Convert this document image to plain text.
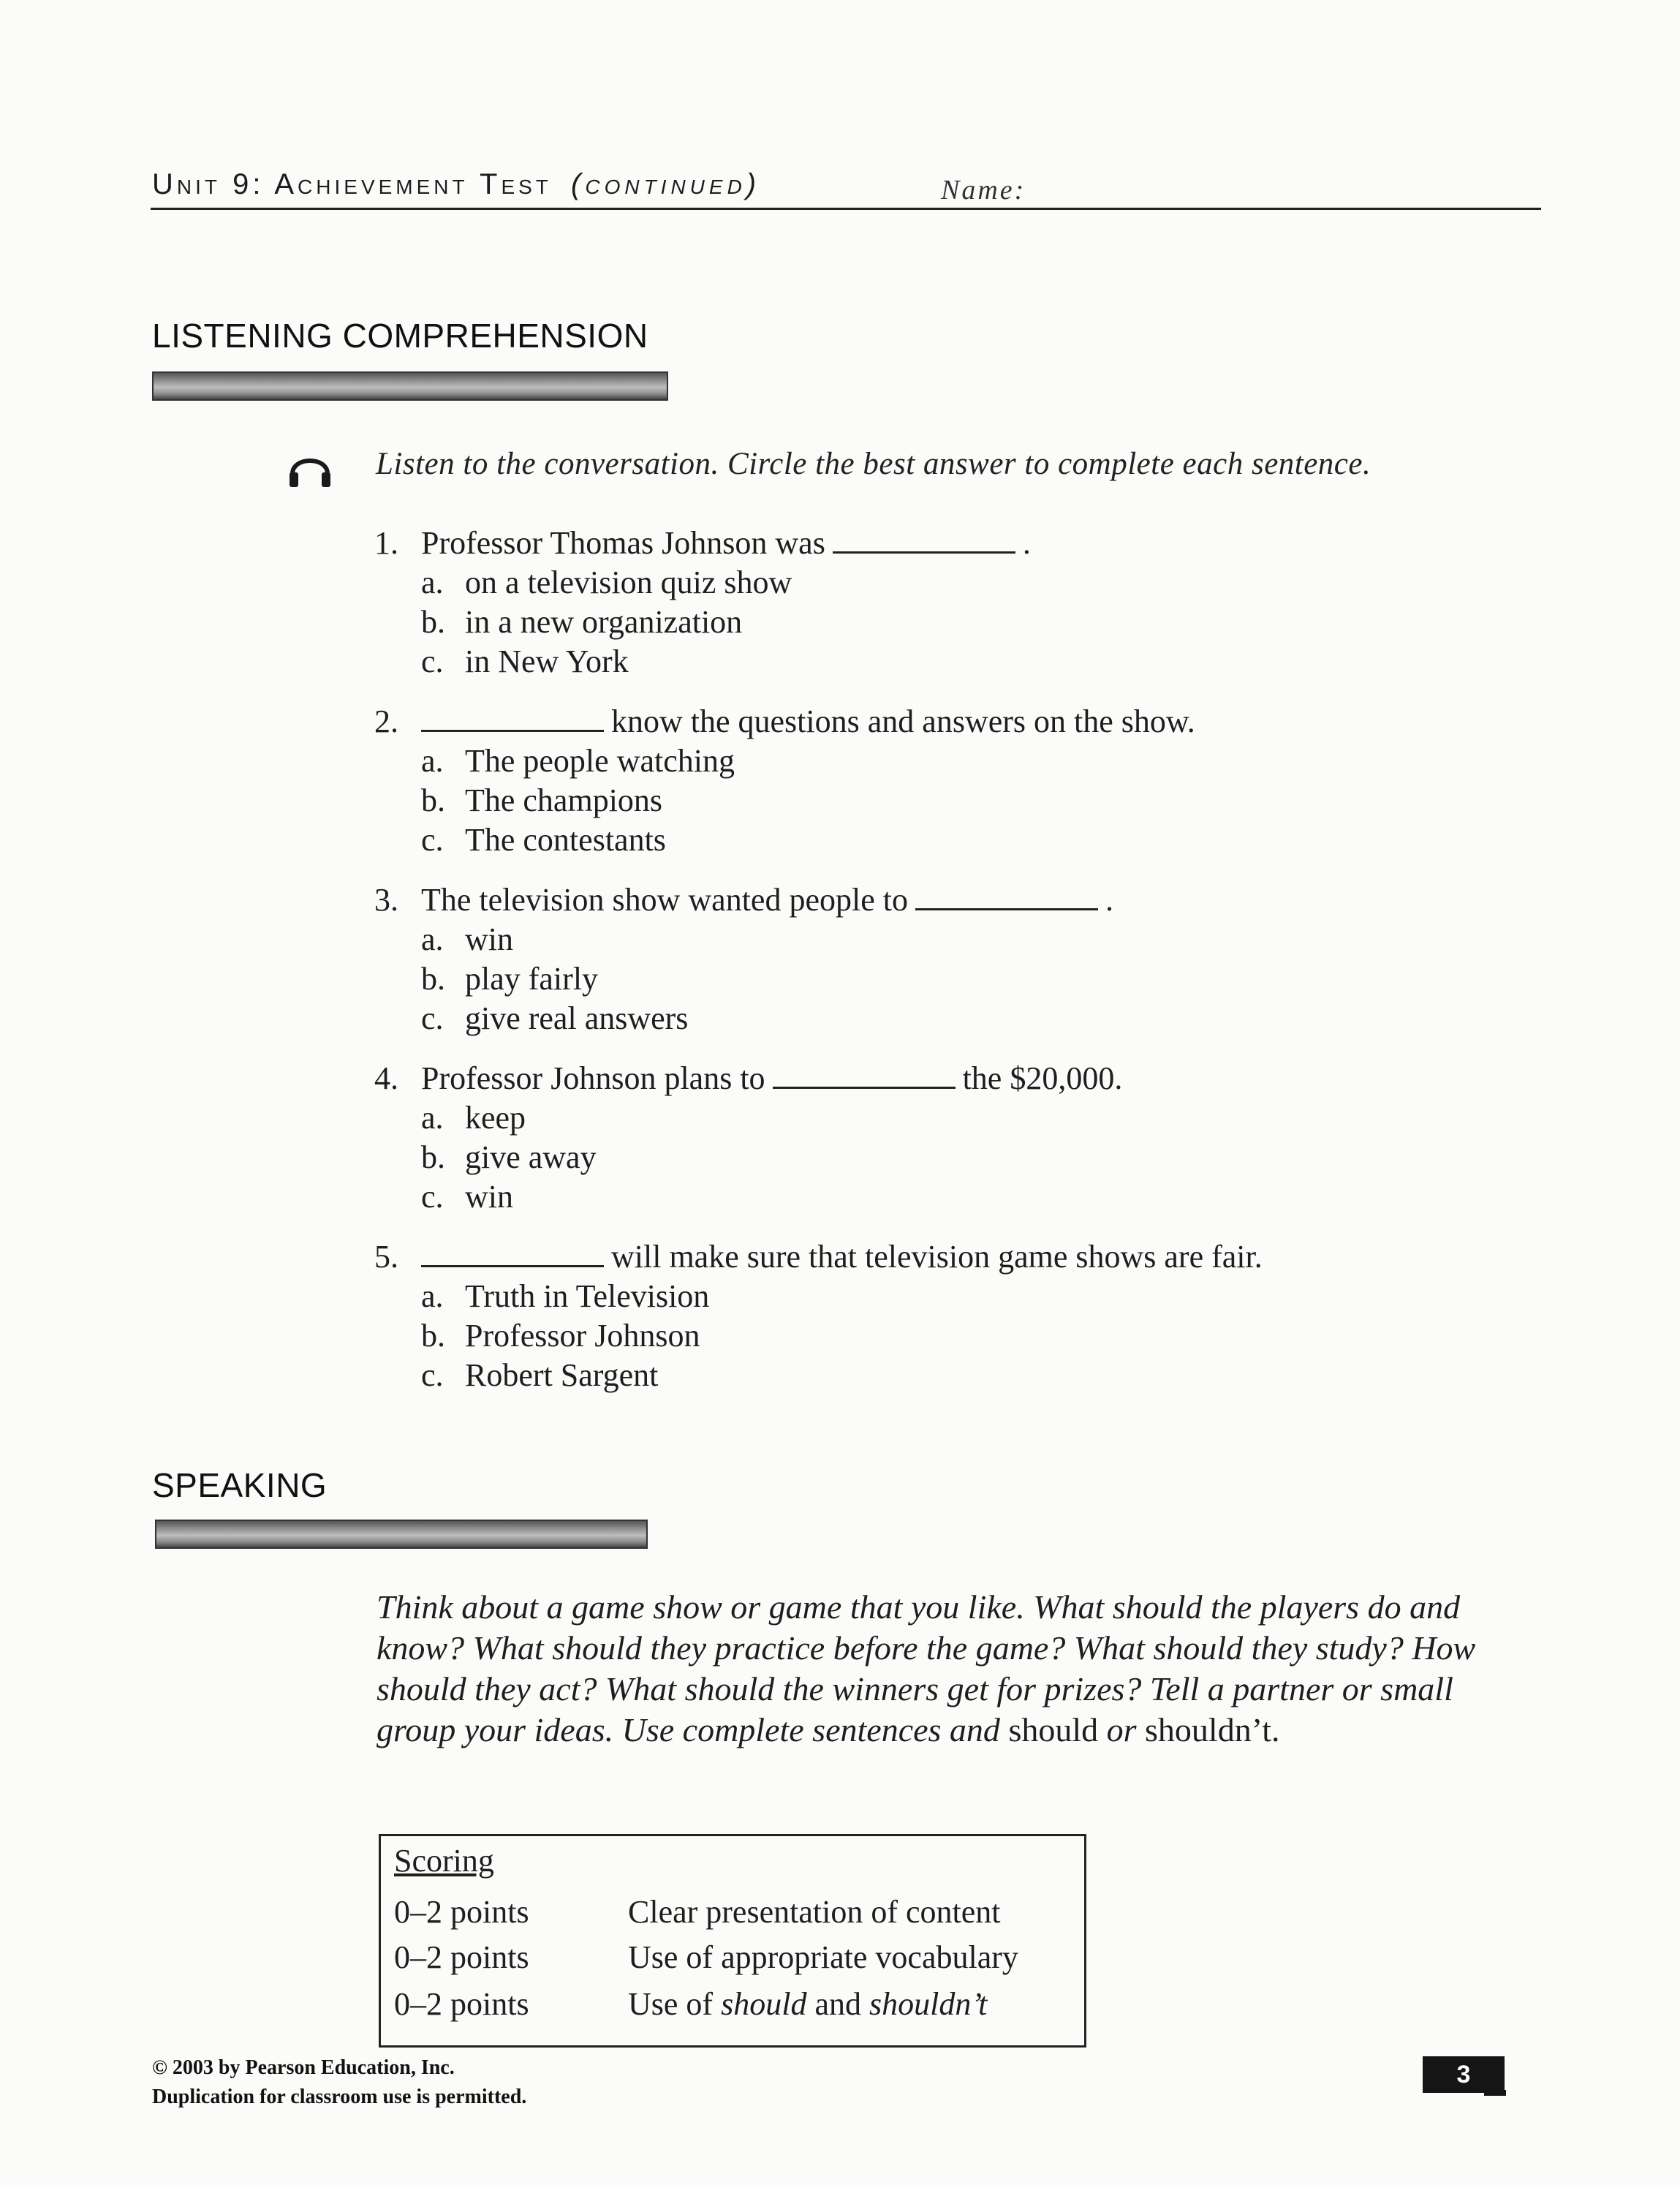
Unit 9: Achievement Test (continued)	Name:
LISTENING COMPREHENSION
Listen to the conversation. Circle the best answer to complete each sentence.
1. Professor Thomas Johnson was	.
a. on a television quiz show
b. in a new organization
c. in New York
2.	know the questions and answers on the show.
a. The people watching
b. The champions
c. The contestants
3. The television show wanted people to	.
a. win
b. play fairly
c. give real answers
4. Professor Johnson plans to	the $20,000.
a. keep
b. give away
c. win
5.	will make sure that television game shows are fair.
a. Truth in Television
b. Professor Johnson
c. Robert Sargent
SPEAKING
Think about a game show or game that you like. What should the players do and know? What should they practice before the game? What should they study? How should they act? What should the winners get for prizes? Tell a partner or small group your ideas. Use complete sentences and should or shouldn’t.
Scoring
0–2 points	Clear presentation of content
0–2 points	Use of appropriate vocabulary
0–2 points	Use of should and shouldn’t
© 2003 by Pearson Education, Inc.
Duplication for classroom use is permitted.
3
